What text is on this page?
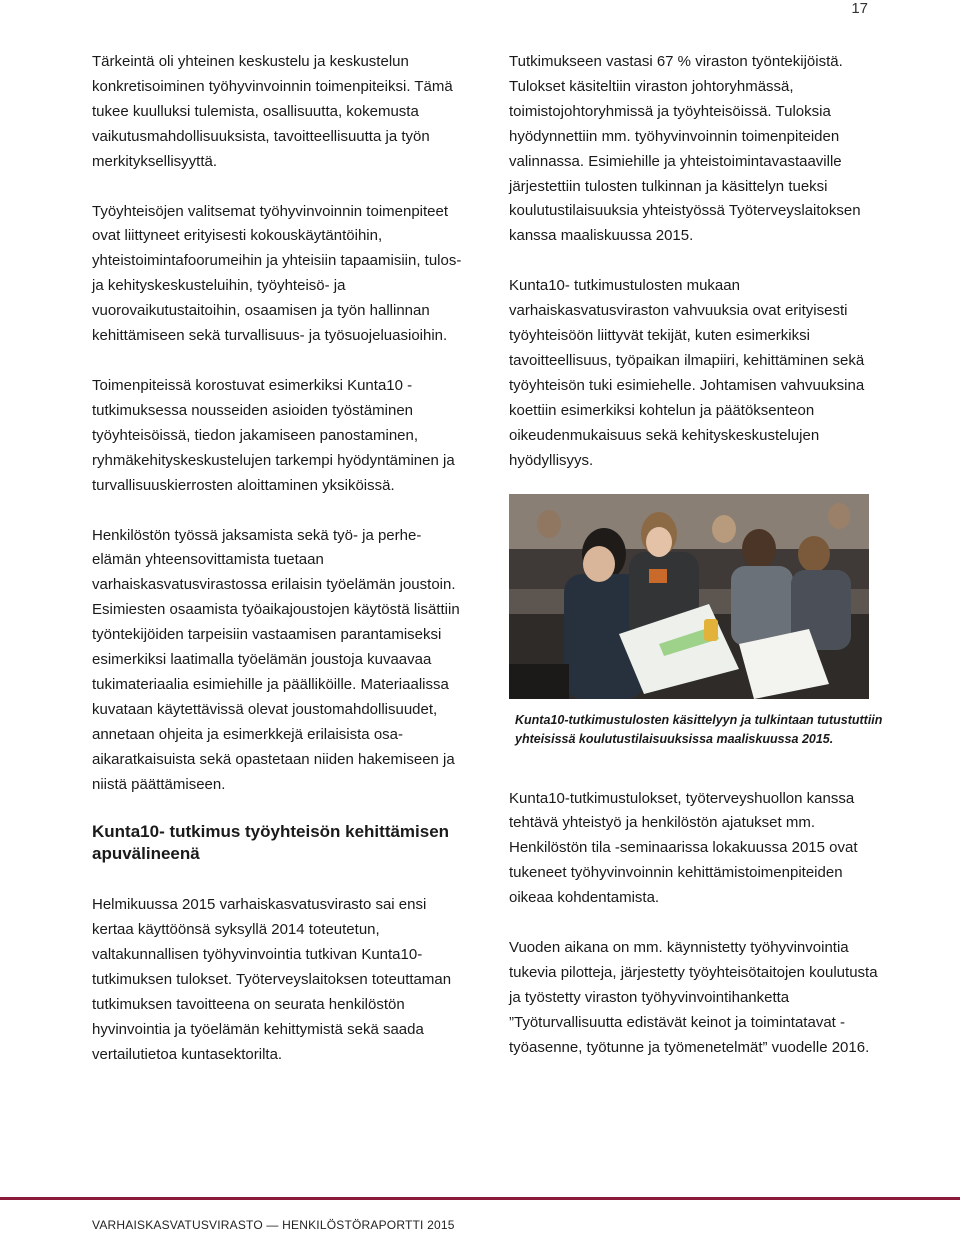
17

Tärkeintä oli yhteinen keskustelu ja keskustelun konkretisoiminen työhyvinvoinnin toimenpiteiksi. Tämä tukee kuulluksi tulemista, osallisuutta, kokemusta vaikutusmahdollisuuksista, tavoitteellisuutta ja työn merkityksellisyyttä.

Työyhteisöjen valitsemat työhyvinvoinnin toimenpiteet ovat liittyneet erityisesti kokouskäytäntöihin, yhteistoimintafoorumeihin ja yhteisiin tapaamisiin, tulos- ja kehityskeskusteluihin, työyhteisö- ja vuorovaikutustaitoihin, osaamisen ja työn hallinnan kehittämiseen sekä turvallisuus- ja työsuojeluasioihin.

Toimenpiteissä korostuvat esimerkiksi Kunta10 - tutkimuksessa nousseiden asioiden työstäminen työyhteisöissä, tiedon jakamiseen panostaminen, ryhmäkehityskeskustelujen tarkempi hyödyntäminen ja turvallisuuskierrosten aloittaminen yksiköissä.

Henkilöstön työssä jaksamista sekä työ- ja perhe-elämän yhteensovittamista tuetaan varhaiskasvatusvirastossa erilaisin työelämän joustoin. Esimiesten osaamista työaikajoustojen käytöstä lisättiin työntekijöiden tarpeisiin vastaamisen parantamiseksi esimerkiksi laatimalla työelämän joustoja kuvaavaa tukimateriaalia esimiehille ja päälliköille. Materiaalissa kuvataan käytettävissä olevat joustomahdollisuudet, annetaan ohjeita ja esimerkkejä erilaisista osa-aikaratkaisuista sekä opastetaan niiden hakemiseen ja niistä päättämiseen.

Kunta10- tutkimus työyhteisön kehittämisen apuvälineenä

Helmikuussa 2015 varhaiskasvatusvirasto sai ensi kertaa käyttöönsä syksyllä 2014 toteutetun, valtakunnallisen työhyvinvointia tutkivan Kunta10-tutkimuksen tulokset. Työterveyslaitoksen toteuttaman tutkimuksen tavoitteena on seurata henkilöstön hyvinvointia ja työelämän kehittymistä sekä saada vertailutietoa kuntasektorilta.

Tutkimukseen vastasi 67 % viraston työntekijöistä. Tulokset käsiteltiin viraston johtoryhmässä, toimistojohtoryhmissä ja työyhteisöissä. Tuloksia hyödynnettiin mm. työhyvinvoinnin toimenpiteiden valinnassa. Esimiehille ja yhteistoimintavastaaville järjestettiin tulosten tulkinnan ja käsittelyn tueksi koulutustilaisuuksia yhteistyössä Työterveyslaitoksen kanssa maaliskuussa 2015.

Kunta10- tutkimustulosten mukaan varhaiskasvatusviraston vahvuuksia ovat erityisesti työyhteisöön liittyvät tekijät, kuten esimerkiksi tavoitteellisuus, työpaikan ilmapiiri, kehittäminen sekä työyhteisön tuki esimiehelle. Johtamisen vahvuuksina koettiin esimerkiksi kohtelun ja päätöksenteon oikeudenmukaisuus sekä kehityskeskustelujen hyödyllisyys.

Kunta10-tutkimustulosten käsittelyyn ja tulkintaan tutustuttiin yhteisissä koulutustilaisuuksissa maaliskuussa 2015.

Kunta10-tutkimustulokset, työterveyshuollon kanssa tehtävä yhteistyö ja henkilöstön ajatukset mm. Henkilöstön tila -seminaarissa lokakuussa 2015 ovat tukeneet työhyvinvoinnin kehittämistoimenpiteiden oikeaa kohdentamista.

Vuoden aikana on mm. käynnistetty työhyvinvointia tukevia pilotteja, järjestetty työyhteisötaitojen koulutusta ja työstetty viraston työhyvinvointihanketta ”Työturvallisuutta edistävät keinot ja toimintatavat - työasenne, työtunne ja työmenetelmät” vuodelle 2016.

VARHAISKASVATUSVIRASTO — HENKILÖSTÖRAPORTTI 2015
